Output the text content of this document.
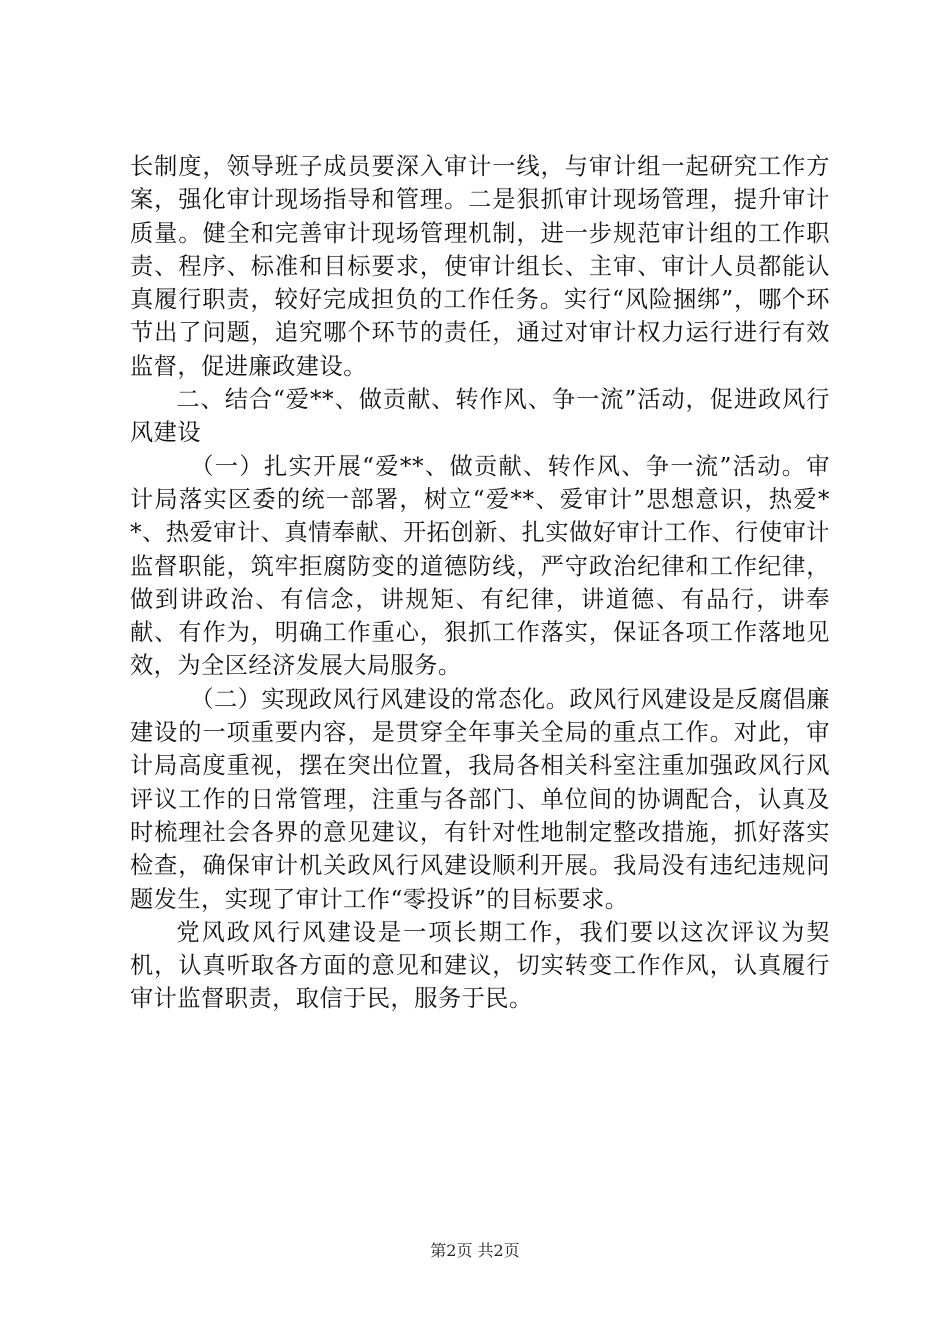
长制度，领导班子成员要深入审计一线，与审计组一起研究工作方案，强化审计现场指导和管理。二是狠抓审计现场管理，提升审计质量。健全和完善审计现场管理机制，进一步规范审计组的工作职责、程序、标准和目标要求，使审计组长、主审、审计人员都能认真履行职责，较好完成担负的工作任务。实行“风险捆绑”，哪个环节出了问题，追究哪个环节的责任，通过对审计权力运行进行有效监督，促进廉政建设。

二、结合“爱**、做贡献、转作风、争一流”活动，促进政风行风建设

（一）扎实开展“爱**、做贡献、转作风、争一流”活动。审计局落实区委的统一部署，树立“爱**、爱审计”思想意识，热爱**、热爱审计、真情奉献、开拓创新、扎实做好审计工作、行使审计监督职能，筑牢拒腐防变的道德防线，严守政治纪律和工作纪律，做到讲政治、有信念，讲规矩、有纪律，讲道德、有品行，讲奉献、有作为，明确工作重心，狠抓工作落实，保证各项工作落地见效，为全区经济发展大局服务。

（二）实现政风行风建设的常态化。政风行风建设是反腐倡廉建设的一项重要内容，是贯穿全年事关全局的重点工作。对此，审计局高度重视，摆在突出位置，我局各相关科室注重加强政风行风评议工作的日常管理，注重与各部门、单位间的协调配合，认真及时梳理社会各界的意见建议，有针对性地制定整改措施，抓好落实检查，确保审计机关政风行风建设顺利开展。我局没有违纪违规问题发生，实现了审计工作“零投诉”的目标要求。

党风政风行风建设是一项长期工作，我们要以这次评议为契机，认真听取各方面的意见和建议，切实转变工作作风，认真履行审计监督职责，取信于民，服务于民。

第2页 共2页
